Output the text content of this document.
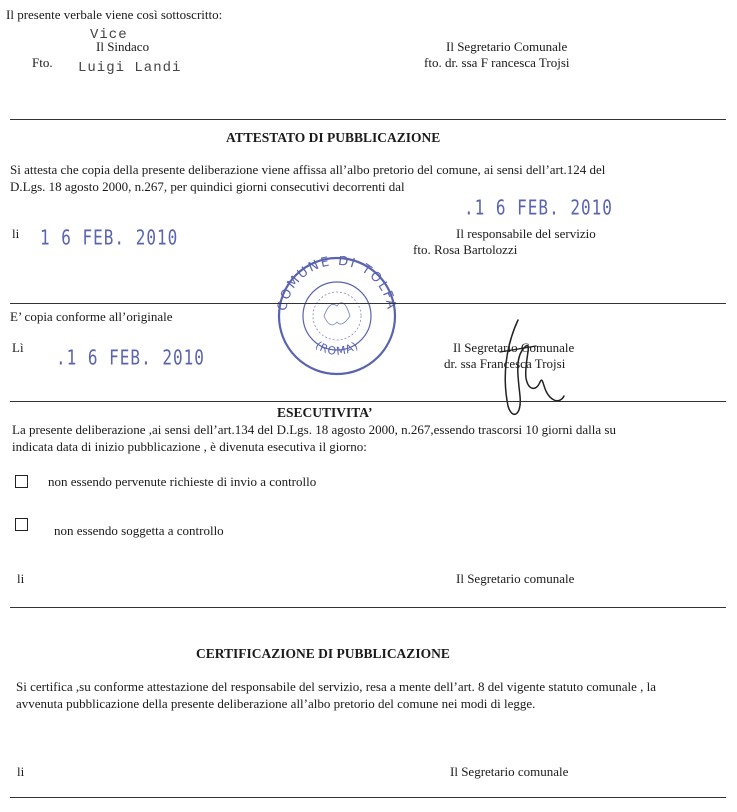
Il presente verbale viene così sottoscritto:
Vice
Il Sindaco
Fto. Luigi Landi
Il Segretario Comunale
fto. dr. ssa F rancesca Trojsi
ATTESTATO DI PUBBLICAZIONE
Si attesta che copia della presente deliberazione viene affissa all’albo pretorio del comune, ai sensi dell’art.124 del
D.Lgs. 18 agosto 2000, n.267, per quindici giorni consecutivi decorrenti dal
.1 6 FEB. 2010
li 1 6 FEB. 2010	Il responsabile del servizio
fto. Rosa Bartolozzi
COMUNE DI TOLFA
(ROMA)
E’ copia conforme all’originale
Lì .1 6 FEB. 2010	Il Segretario Comunale
dr. ssa Francesca Trojsi
ESECUTIVITA’
La presente deliberazione ,ai sensi dell’art.134 del D.Lgs. 18 agosto 2000, n.267,essendo trascorsi 10 giorni dalla su
indicata data di inizio pubblicazione , è divenuta esecutiva il giorno:
non essendo pervenute richieste di invio a controllo
non essendo soggetta a controllo
li	Il Segretario comunale
CERTIFICAZIONE DI PUBBLICAZIONE
Si certifica ,su conforme attestazione del responsabile del servizio, resa a mente dell’art. 8 del vigente statuto comunale , la
avvenuta pubblicazione della presente deliberazione all’albo pretorio del comune nei modi di legge.
li	Il Segretario comunale
